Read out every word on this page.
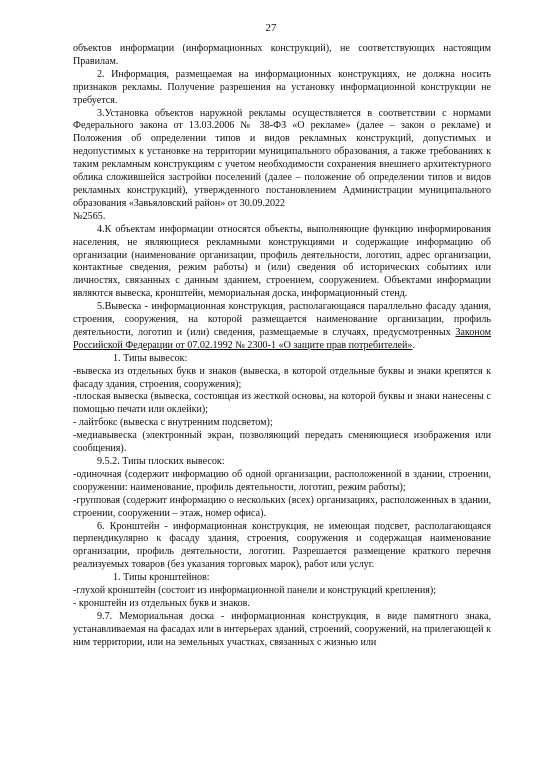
27

объектов информации (информационных конструкций), не соответствующих настоящим Правилам.

2. Информация, размещаемая на информационных конструкциях, не должна носить признаков рекламы. Получение разрешения на установку информационной конструкции не требуется.

3.Установка объектов наружной рекламы осуществляется в соответствии с нормами Федерального закона от 13.03.2006 № 38-ФЗ «О рекламе» (далее – закон о рекламе) и Положения об определении типов и видов рекламных конструкций, допустимых и недопустимых к установке на территории муниципального образования, а также требованиях к таким рекламным конструкциям с учетом необходимости сохранения внешнего архитектурного облика сложившейся застройки поселений (далее – положение об определении типов и видов рекламных конструкций), утвержденного постановлением Администрации муниципального образования «Завьяловский район» от 30.09.2022

№2565.

4.К объектам информации относятся объекты, выполняющие функцию информирования населения, не являющиеся рекламными конструкциями и содержащие информацию об организации (наименование организации, профиль деятельности, логотип, адрес организации, контактные сведения, режим работы) и (или) сведения об исторических событиях или личностях, связанных с данным зданием, строением, сооружением. Объектами информации являются вывеска, кронштейн, мемориальная доска, информационный стенд.

5.Вывеска - информационная конструкция, располагающаяся параллельно фасаду здания, строения, сооружения, на которой размещается наименование организации, профиль деятельности, логотип и (или) сведения, размещаемые в случаях, предусмотренных Законом Российской Федерации от 07.02.1992 № 2300-1 «О защите прав потребителей».

1. Типы вывесок:

-вывеска из отдельных букв и знаков (вывеска, в которой отдельные буквы и знаки крепятся к фасаду здания, строения, сооружения);

-плоская вывеска (вывеска, состоящая из жесткой основы, на которой буквы и знаки нанесены с помощью печати или оклейки);

- лайтбокс (вывеска с внутренним подсветом);

-медиавывеска (электронный экран, позволяющий передать сменяющиеся изображения или сообщения).

9.5.2. Типы плоских вывесок:

-одиночная (содержит информацию об одной организации, расположенной в здании, строении, сооружении: наименование, профиль деятельности, логотип, режим работы);

-групповая (содержит информацию о нескольких (всех) организациях, расположенных в здании, строении, сооружении – этаж, номер офиса).

6. Кронштейн - информационная конструкция, не имеющая подсвет, располагающаяся перпендикулярно к фасаду здания, строения, сооружения и содержащая наименование организации, профиль деятельности, логотип. Разрешается размещение краткого перечня реализуемых товаров (без указания торговых марок), работ или услуг.

1. Типы кронштейнов:

-глухой кронштейн (состоит из информационной панели и конструкций крепления);

- кронштейн из отдельных букв и знаков.

9.7. Мемориальная доска - информационная конструкция, в виде памятного знака, устанавливаемая на фасадах или в интерьерах зданий, строений, сооружений, на прилегающей к ним территории, или на земельных участках, связанных с жизнью или
